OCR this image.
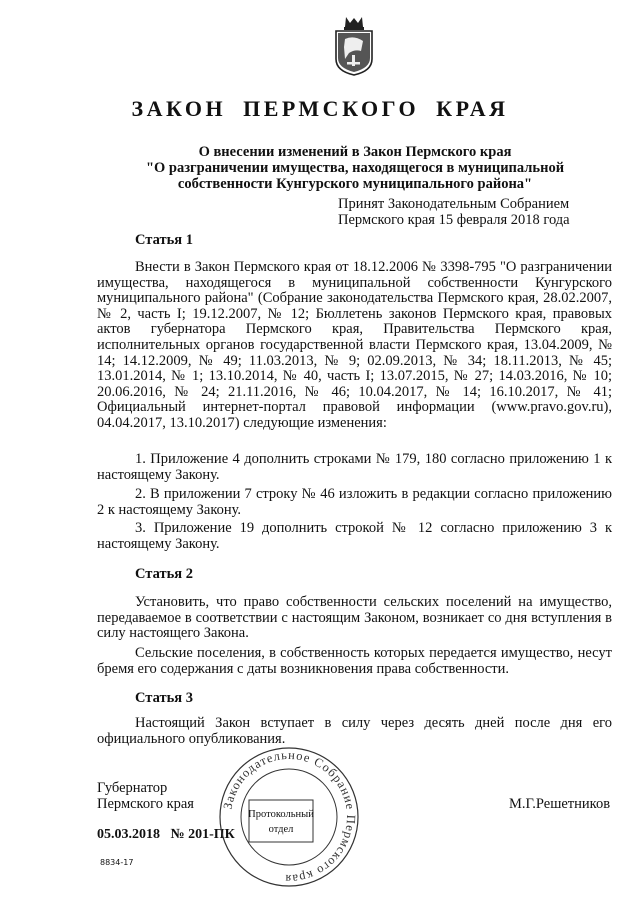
ЗАКОН ПЕРМСКОГО КРАЯ
О внесении изменений в Закон Пермского края
"О разграничении имущества, находящегося в муниципальной
собственности Кунгурского муниципального района"
Принят Законодательным Собранием
Пермского края 15 февраля 2018 года
Статья 1
Внести в Закон Пермского края от 18.12.2006 № 3398-795 "О разграничении имущества, находящегося в муниципальной собственности Кунгурского муниципального района" (Собрание законодательства Пермского края, 28.02.2007, № 2, часть I; 19.12.2007, № 12; Бюллетень законов Пермского края, правовых актов губернатора Пермского края, Правительства Пермского края, исполнительных органов государственной власти Пермского края, 13.04.2009, № 14; 14.12.2009, № 49; 11.03.2013, № 9; 02.09.2013, № 34; 18.11.2013, № 45; 13.01.2014, № 1; 13.10.2014, № 40, часть I; 13.07.2015, № 27; 14.03.2016, № 10; 20.06.2016, № 24; 21.11.2016, № 46; 10.04.2017, № 14; 16.10.2017, № 41; Официальный интернет-портал правовой информации (www.pravo.gov.ru), 04.04.2017, 13.10.2017) следующие изменения:
1. Приложение 4 дополнить строками № 179, 180 согласно приложению 1 к настоящему Закону.
2. В приложении 7 строку № 46 изложить в редакции согласно приложению 2 к настоящему Закону.
3. Приложение 19 дополнить строкой № 12 согласно приложению 3 к настоящему Закону.
Статья 2
Установить, что право собственности сельских поселений на имущество, передаваемое в соответствии с настоящим Законом, возникает со дня вступления в силу настоящего Закона.
Сельские поселения, в собственность которых передается имущество, несут бремя его содержания с даты возникновения права собственности.
Статья 3
Настоящий Закон вступает в силу через десять дней после дня его официального опубликования.
Губернатор
Пермского края	М.Г.Решетников
05.03.2018   № 201-ПК
8834-17
Законодательное Собрание Пермского края
Протокольный
отдел
